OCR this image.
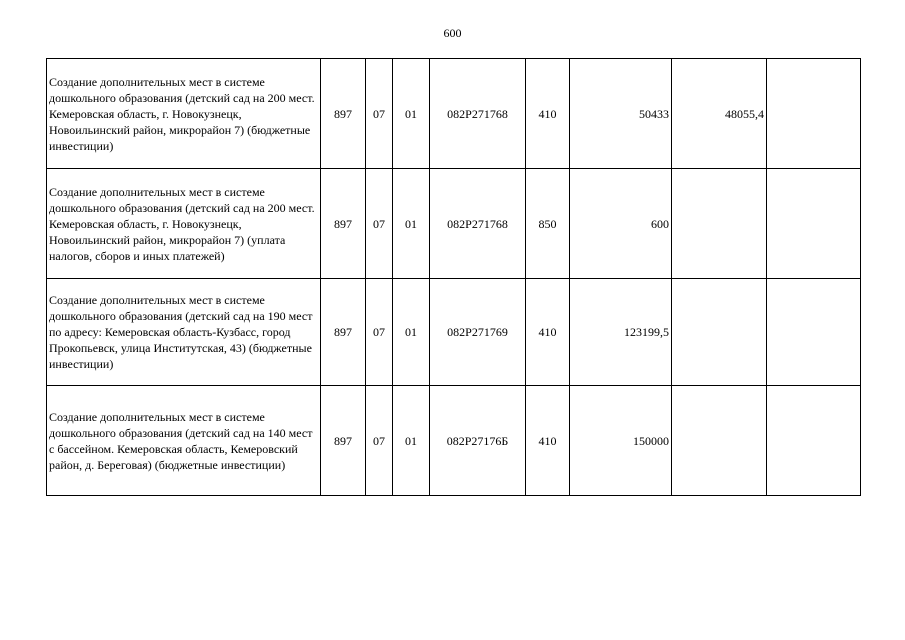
600
Создание дополнительных мест в системе дошкольного образования (детский сад на 200 мест. Кемеровская область, г. Новокузнецк, Новоильинский район, микрорайон 7) (бюджетные инвестиции)	897	07	01	082P271768	410	50433	48055,4	
Создание дополнительных мест в системе дошкольного образования (детский сад на 200 мест. Кемеровская область, г. Новокузнецк, Новоильинский район, микрорайон 7) (уплата налогов, сборов и иных платежей)	897	07	01	082P271768	850	600		
Создание дополнительных мест в системе дошкольного образования (детский сад на 190 мест по адресу: Кемеровская область-Кузбасс, город Прокопьевск, улица Институтская, 43) (бюджетные инвестиции)	897	07	01	082P271769	410	123199,5		
Создание дополнительных мест в системе дошкольного образования (детский сад на 140 мест с бассейном. Кемеровская область, Кемеровский район, д. Береговая) (бюджетные инвестиции)	897	07	01	082P27176Б	410	150000		
